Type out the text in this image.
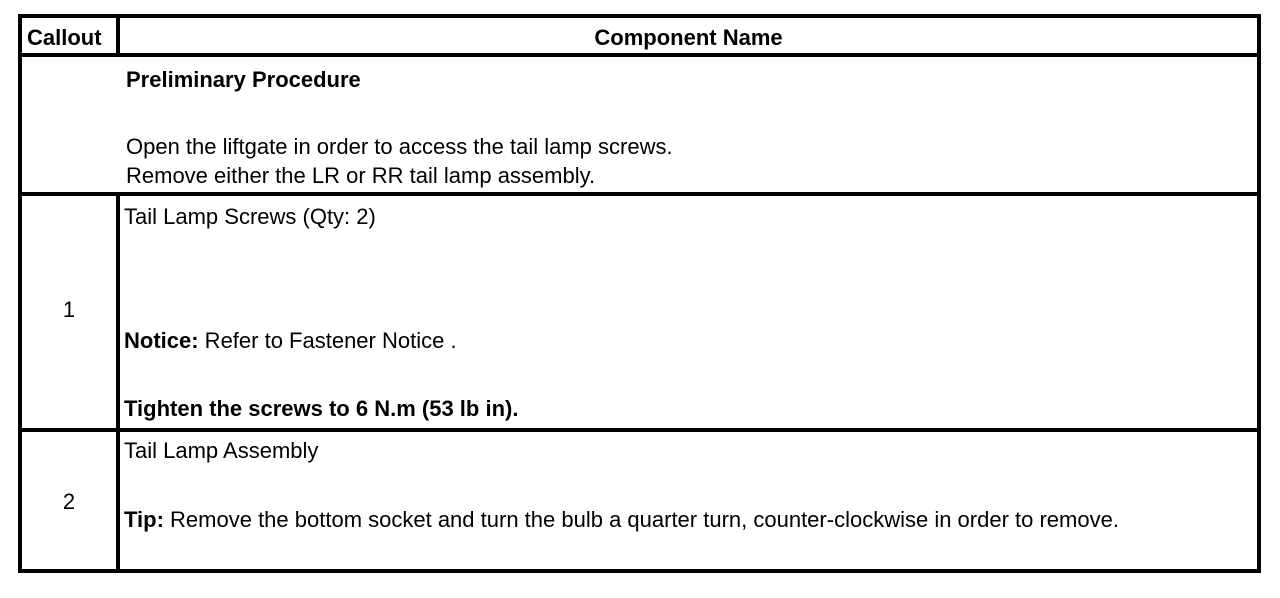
Callout	Component Name
Preliminary Procedure
Open the liftgate in order to access the tail lamp screws.
Remove either the LR or RR tail lamp assembly.
1
Tail Lamp Screws (Qty: 2)
Notice: Refer to Fastener Notice .
Tighten the screws to 6 N.m (53 lb in).
2
Tail Lamp Assembly
Tip: Remove the bottom socket and turn the bulb a quarter turn, counter-clockwise in order to remove.
